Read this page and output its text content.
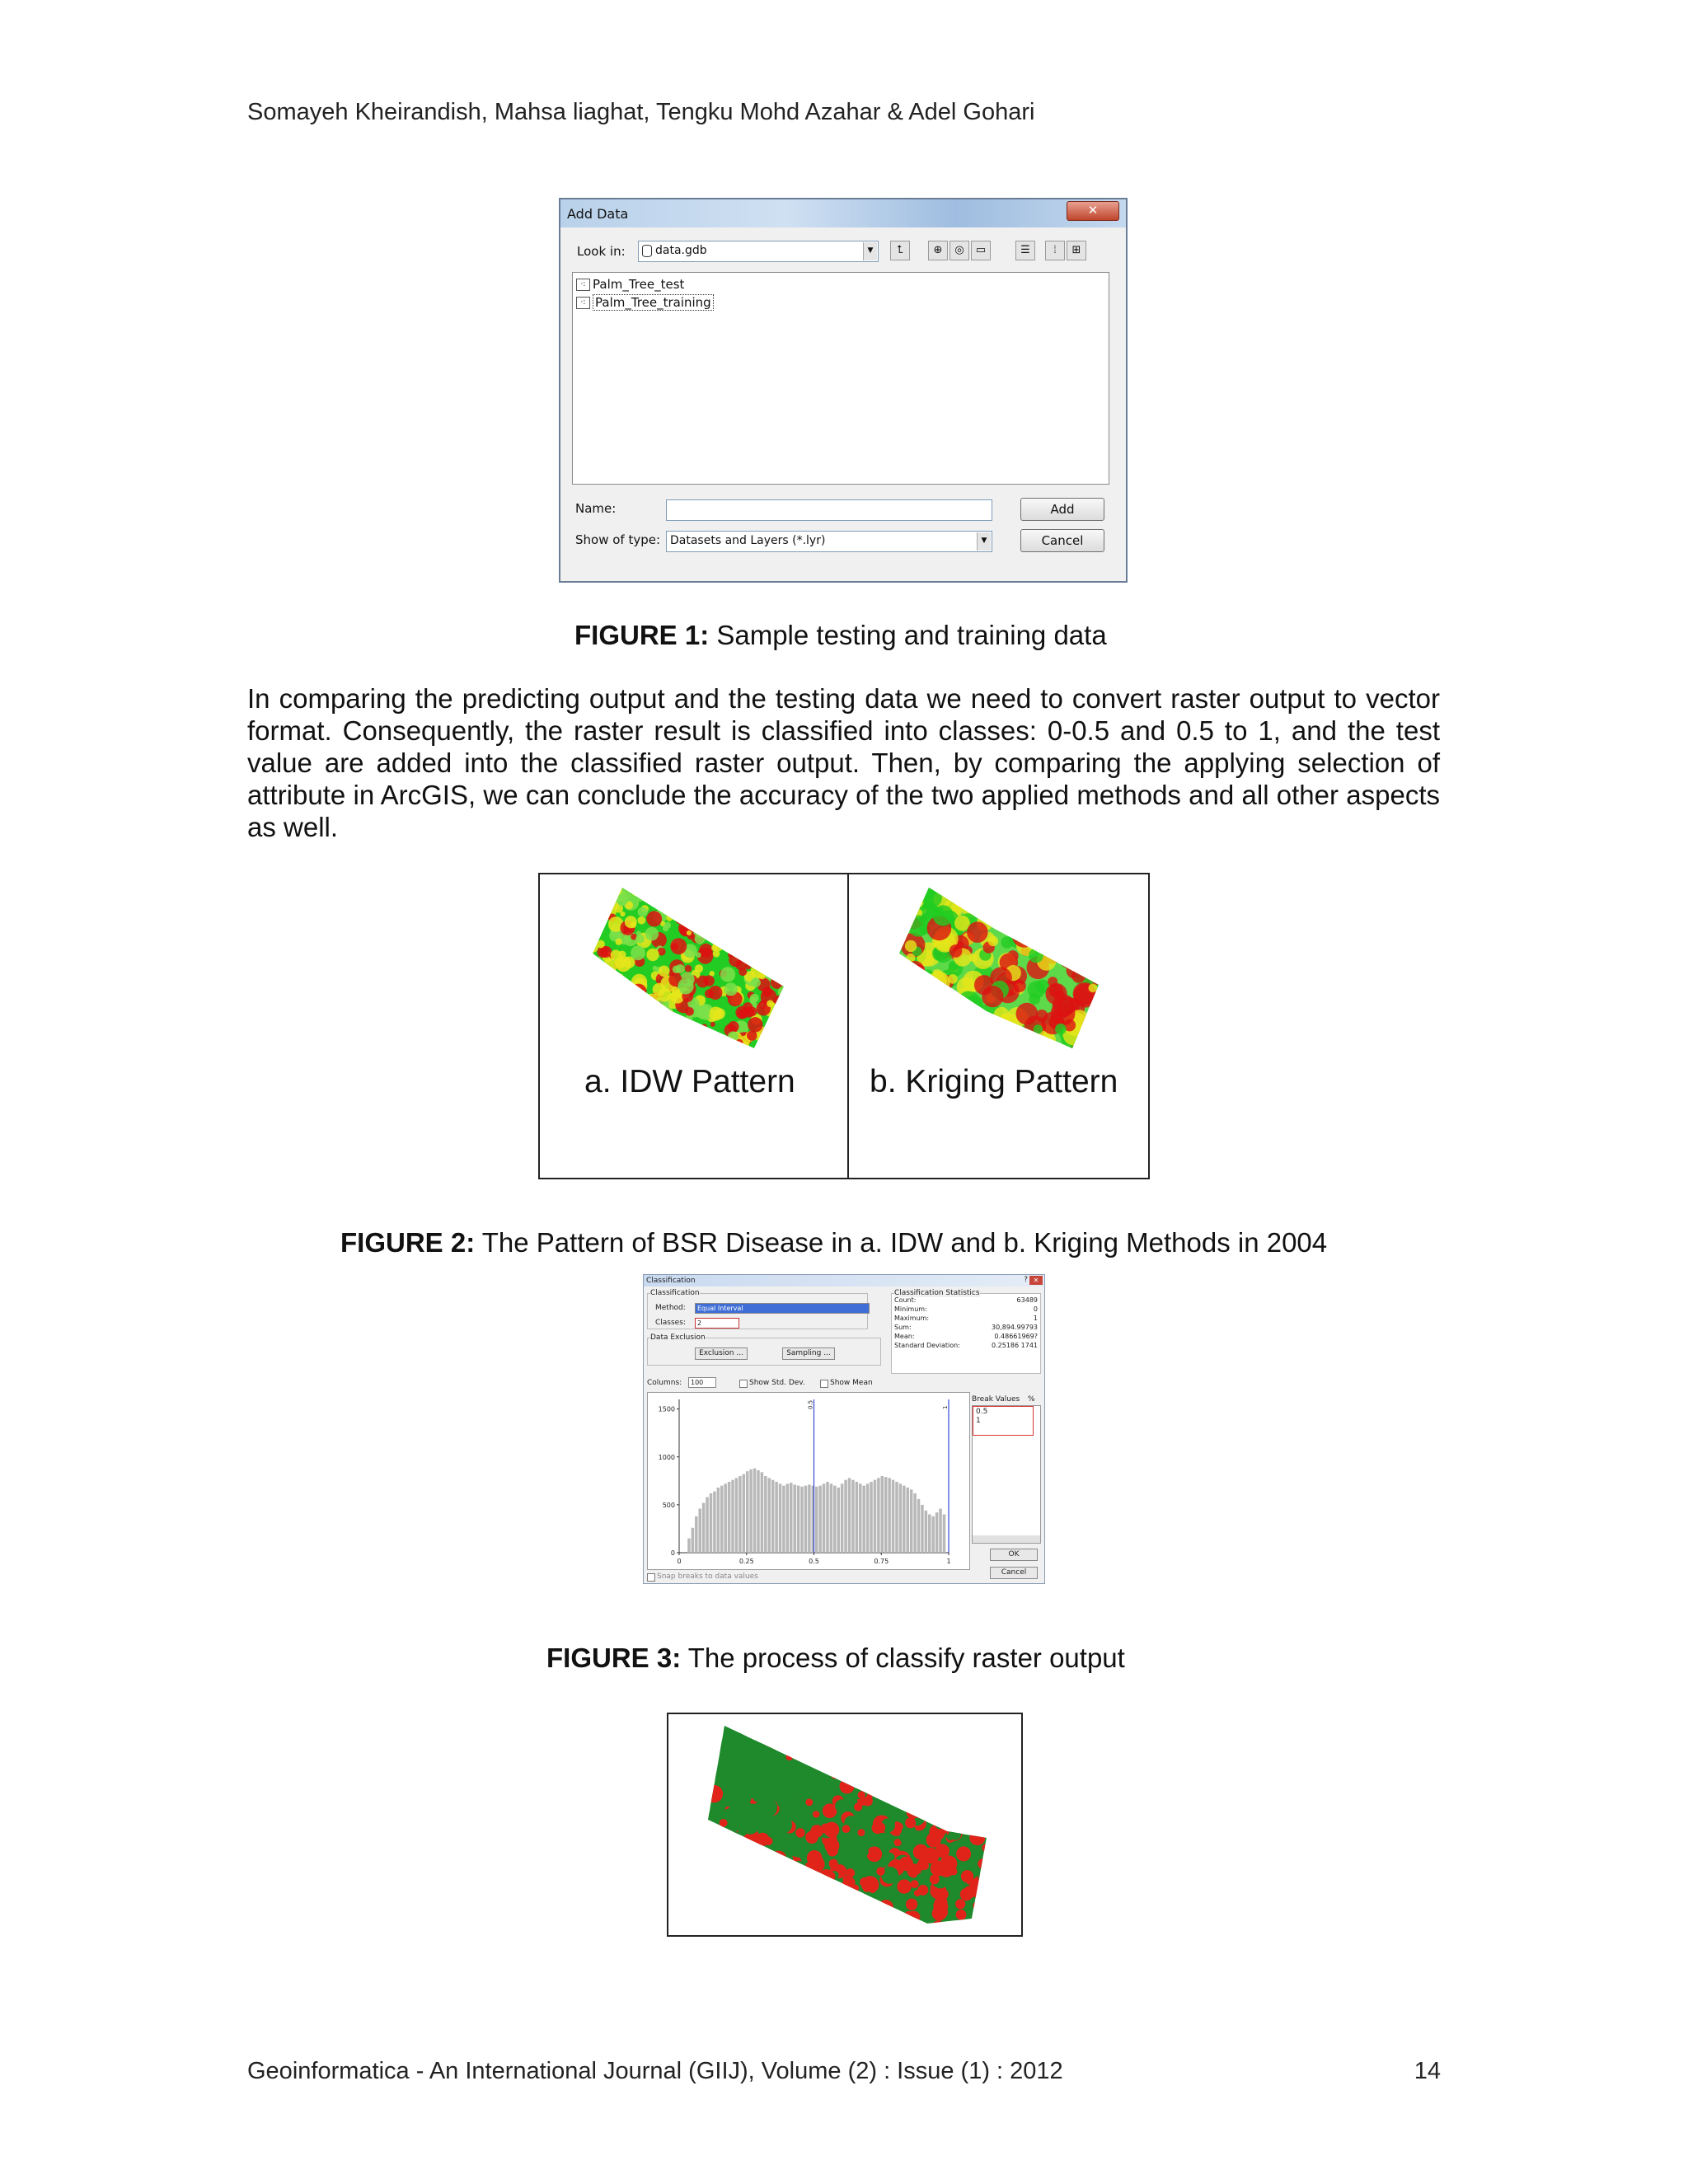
Somayeh Kheirandish, Mahsa liaghat, Tengku Mohd Azahar & Adel Gohari
Add Data	✕
Look in:	data.gdb	▼	⮤	⊕	◎	▭	☰	⦙	⊞
·: Palm_Tree_test
·: Palm_Tree_training
Name:	Add
Show of type: Datasets and Layers (*.lyr)	▼	Cancel
FIGURE 1: Sample testing and training data
In comparing the predicting output and the testing data we need to convert raster output to vector format. Consequently, the raster result is classified into classes: 0-0.5 and 0.5 to 1, and the test value are added into the classified raster output. Then, by comparing the applying selection of attribute in ArcGIS, we can conclude the accuracy of the two applied methods and all other aspects as well.
a. IDW Pattern b. Kriging Pattern
FIGURE 2: The Pattern of BSR Disease in a. IDW and b. Kriging Methods in 2004
Classification	? ✕
Classification
Method:	Equal Interval
Classes:	2
Data Exclusion
Exclusion ...	Sampling ...
Classification Statistics
Count:	63489
Minimum:	0
Maximum:	1
Sum:	30,894.99793
Mean:	0.48661969?
Standard Deviation:	0.25186 1741
Columns:	100	Show Std. Dev.	Show Mean
1500
1000
500
0
0	0.25	0.5	0.75	1
0.5	1
Break Values %
0.5
1
OK
Cancel
Snap breaks to data values
FIGURE 3: The process of classify raster output
Geoinformatica - An International Journal (GIIJ), Volume (2) : Issue (1) : 2012	14
